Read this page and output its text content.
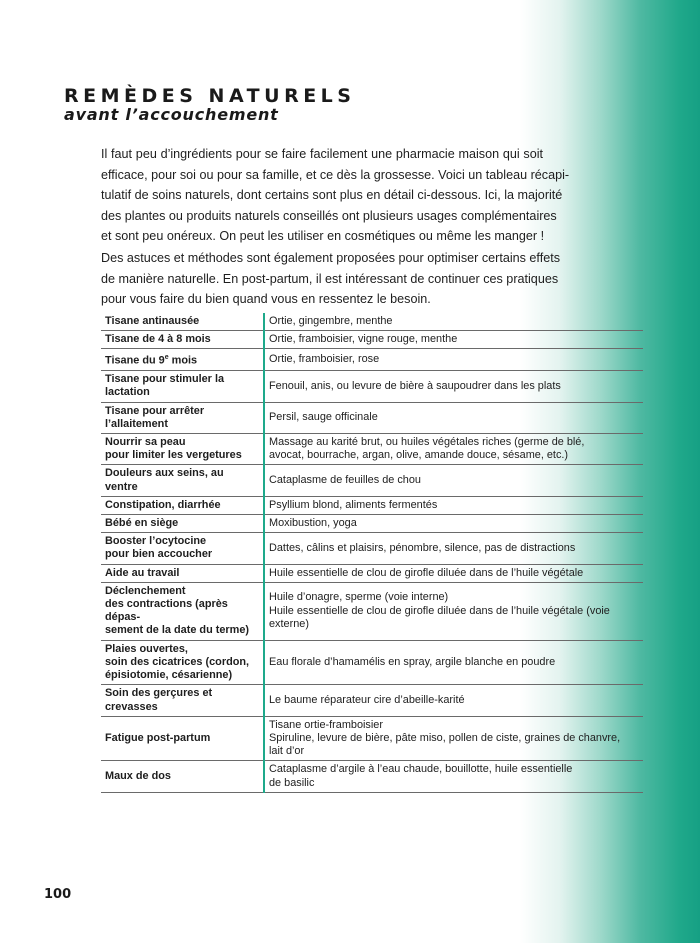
REMÈDES NATURELS
avant l’accouchement

Il faut peu d’ingrédients pour se faire facilement une pharmacie maison qui soit
efficace, pour soi ou pour sa famille, et ce dès la grossesse. Voici un tableau récapi-
tulatif de soins naturels, dont certains sont plus en détail ci-dessous. Ici, la majorité
des plantes ou produits naturels conseillés ont plusieurs usages complémentaires
et sont peu onéreux. On peut les utiliser en cosmétiques ou même les manger !

Des astuces et méthodes sont également proposées pour optimiser certains effets
de manière naturelle. En post-partum, il est intéressant de continuer ces pratiques
pour vous faire du bien quand vous en ressentez le besoin.

Tisane antinausée	Ortie, gingembre, menthe

Tisane de 4 à 8 mois	Ortie, framboisier, vigne rouge, menthe

Tisane du 9e mois	Ortie, framboisier, rose

Tisane pour stimuler la
lactation	Fenouil, anis, ou levure de bière à saupoudrer dans les plats

Tisane pour arrêter
l’allaitement	Persil, sauge officinale

Nourrir sa peau
pour limiter les vergetures	Massage au karité brut, ou huiles végétales riches (germe de blé,
avocat, bourrache, argan, olive, amande douce, sésame, etc.)

Douleurs aux seins, au ventre	Cataplasme de feuilles de chou

Constipation, diarrhée	Psyllium blond, aliments fermentés

Bébé en siège	Moxibustion, yoga

Booster l’ocytocine
pour bien accoucher	Dattes, câlins et plaisirs, pénombre, silence, pas de distractions

Aide au travail	Huile essentielle de clou de girofle diluée dans de l’huile végétale

Déclenchement
des contractions (après dépas-
sement de la date du terme)	Huile d’onagre, sperme (voie interne)
Huile essentielle de clou de girofle diluée dans de l’huile végétale (voie
externe)

Plaies ouvertes,
soin des cicatrices (cordon,
épisiotomie, césarienne)	Eau florale d’hamamélis en spray, argile blanche en poudre

Soin des gerçures et crevasses	Le baume réparateur cire d’abeille-karité

Fatigue post-partum	Tisane ortie-framboisier
Spiruline, levure de bière, pâte miso, pollen de ciste, graines de chanvre,
lait d’or

Maux de dos	Cataplasme d’argile à l’eau chaude, bouillotte, huile essentielle
de basilic
100
